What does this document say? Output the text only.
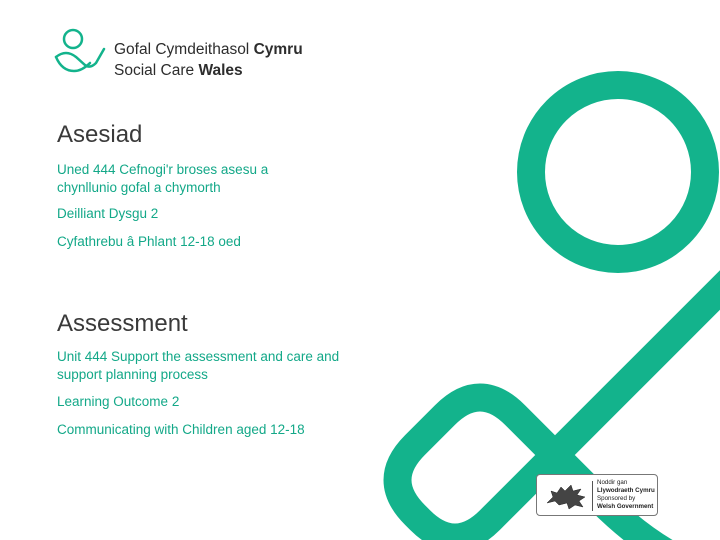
Gofal Cymdeithasol Cymru
Social Care Wales
Asesiad
Uned 444 Cefnogi'r broses asesu a chynllunio gofal a chymorth
Deilliant Dysgu 2
Cyfathrebu â Phlant 12-18 oed
Assessment
Unit 444 Support the assessment and care and support planning process
Learning Outcome 2
Communicating with Children aged 12-18
Noddir gan
Llywodraeth Cymru
Sponsored by
Welsh Government
